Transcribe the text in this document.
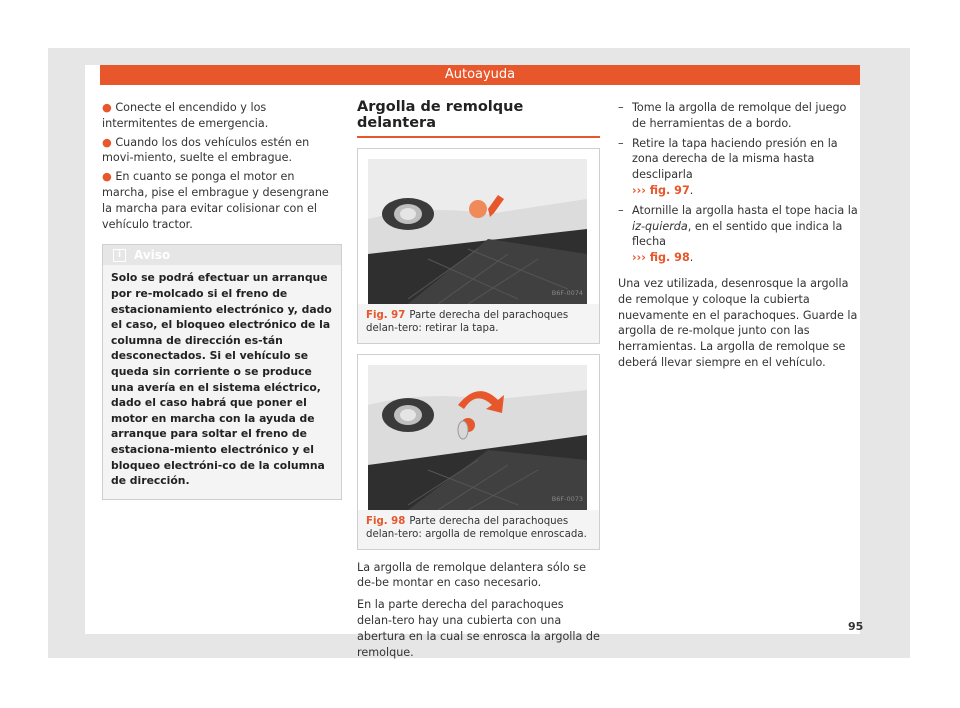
Autoayuda

● Conecte el encendido y los intermitentes de emergencia.

● Cuando los dos vehículos estén en movi-miento, suelte el embrague.

● En cuanto se ponga el motor en marcha, pise el embrague y desengrane la marcha para evitar colisionar con el vehículo tractor.

i Aviso
Solo se podrá efectuar un arranque por re-molcado si el freno de estacionamiento electrónico y, dado el caso, el bloqueo electrónico de la columna de dirección es-tán desconectados. Si el vehículo se queda sin corriente o se produce una avería en el sistema eléctrico, dado el caso habrá que poner el motor en marcha con la ayuda de arranque para soltar el freno de estaciona-miento electrónico y el bloqueo electróni-co de la columna de dirección.
Argolla de remolque delantera
B6F-0074
Fig. 97 Parte derecha del parachoques delan-tero: retirar la tapa.
B6F-0073
Fig. 98 Parte derecha del parachoques delan-tero: argolla de remolque enroscada.

La argolla de remolque delantera sólo se de-be montar en caso necesario.

En la parte derecha del parachoques delan-tero hay una cubierta con una abertura en la cual se enrosca la argolla de remolque.

– Tome la argolla de remolque del juego de herramientas de a bordo.
– Retire la tapa haciendo presión en la zona derecha de la misma hasta descliparla
››› fig. 97.
– Atornille la argolla hasta el tope hacia la iz-quierda, en el sentido que indica la flecha
››› fig. 98.

Una vez utilizada, desenrosque la argolla de remolque y coloque la cubierta nuevamente en el parachoques. Guarde la argolla de re-molque junto con las herramientas. La argolla de remolque se deberá llevar siempre en el vehículo.

95
